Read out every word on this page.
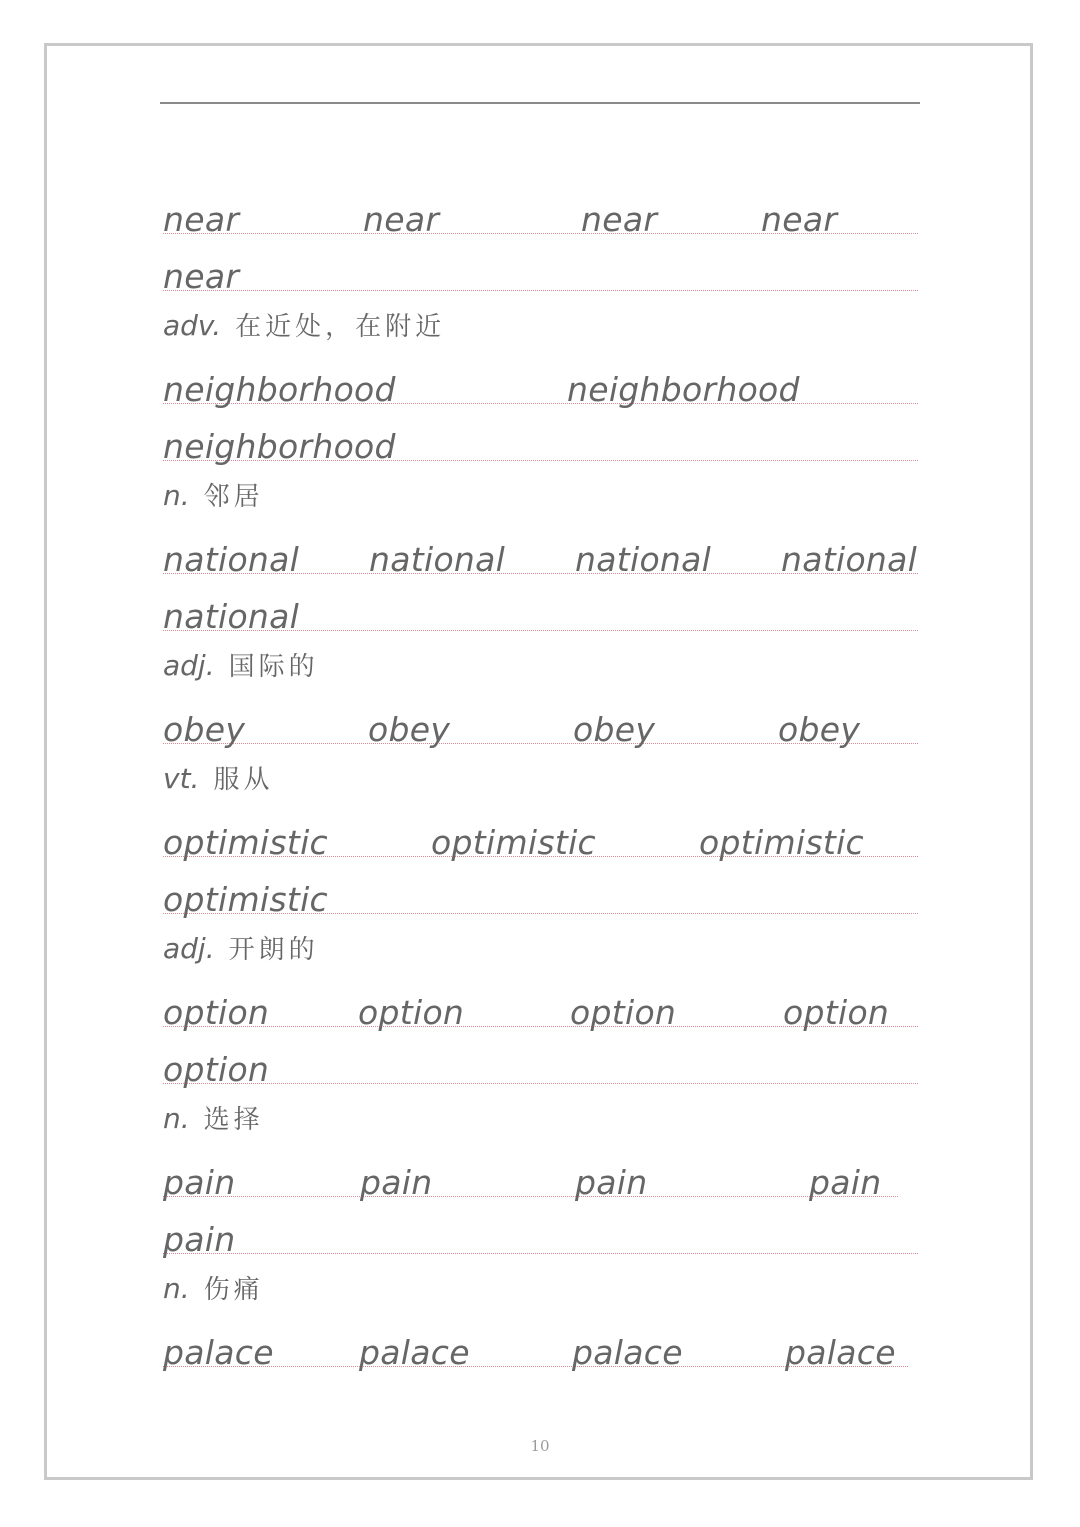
near	near	near	near
near
adv. 在近处，在附近
neighborhood	neighborhood
neighborhood
n. 邻居
national national national national
national
adj. 国际的
obey	obey	obey	obey
vt. 服从
optimistic	optimistic	optimistic
optimistic
adj. 开朗的
option	option	option	option
option
n. 选择
pain	pain	pain	pain
pain
n. 伤痛
palace	palace	palace	palace
10
